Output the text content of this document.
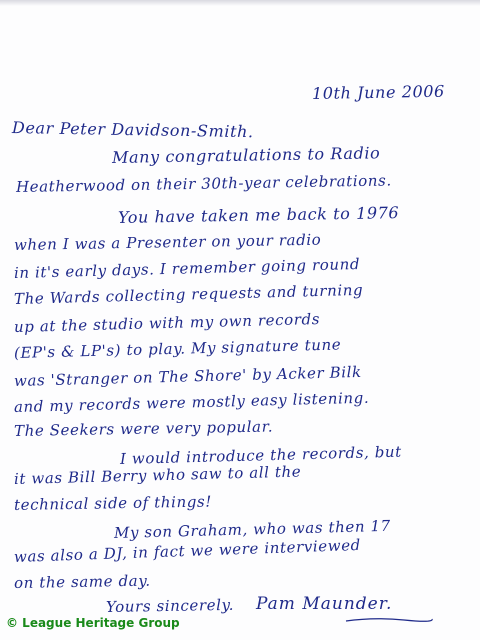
10th June 2006
Dear Peter Davidson-Smith.
Many congratulations to Radio
Heatherwood on their 30th-year celebrations.
You have taken me back to 1976
when I was a Presenter on your radio
in it's early days. I remember going round
The Wards collecting requests and turning
up at the studio with my own records
(EP's & LP's) to play. My signature tune
was 'Stranger on The Shore' by Acker Bilk
and my records were mostly easy listening.
The Seekers were very popular.
I would introduce the records, but
it was Bill Berry who saw to all the
technical side of things!
My son Graham, who was then 17
was also a DJ, in fact we were interviewed
on the same day.
Yours sincerely. Pam Maunder.
© League Heritage Group
